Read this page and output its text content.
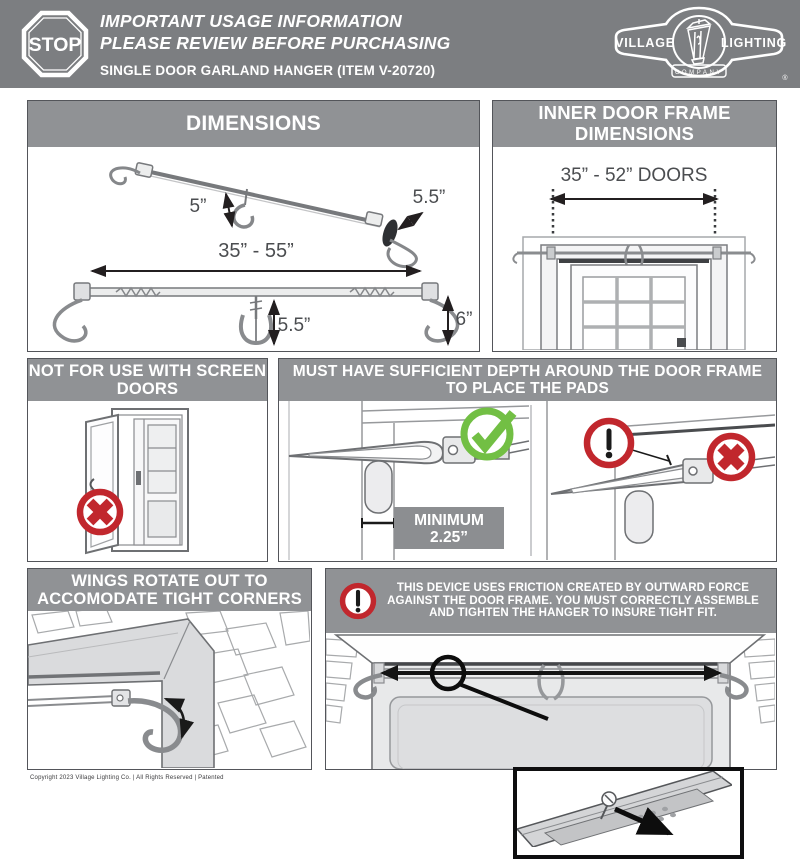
STOP
IMPORTANT USAGE INFORMATION
PLEASE REVIEW BEFORE PURCHASING
SINGLE DOOR GARLAND HANGER (ITEM V-20720)
VILLAGE	LIGHTING
COMPANY
®
DIMENSIONS
5”	5.5”
35” - 55”
5.5”	6”
INNER DOOR FRAME
DIMENSIONS
35” - 52” DOORS
NOT FOR USE WITH SCREEN
DOORS
MUST HAVE SUFFICIENT DEPTH AROUND THE DOOR FRAME
TO PLACE THE PADS
MINIMUM
2.25”
WINGS ROTATE OUT TO
ACCOMODATE TIGHT CORNERS
THIS DEVICE USES FRICTION CREATED BY OUTWARD FORCE
AGAINST THE DOOR FRAME. YOU MUST CORRECTLY ASSEMBLE
AND TIGHTEN THE HANGER TO INSURE TIGHT FIT.
Copyright 2023 Village Lighting Co. | All Rights Reserved | Patented
